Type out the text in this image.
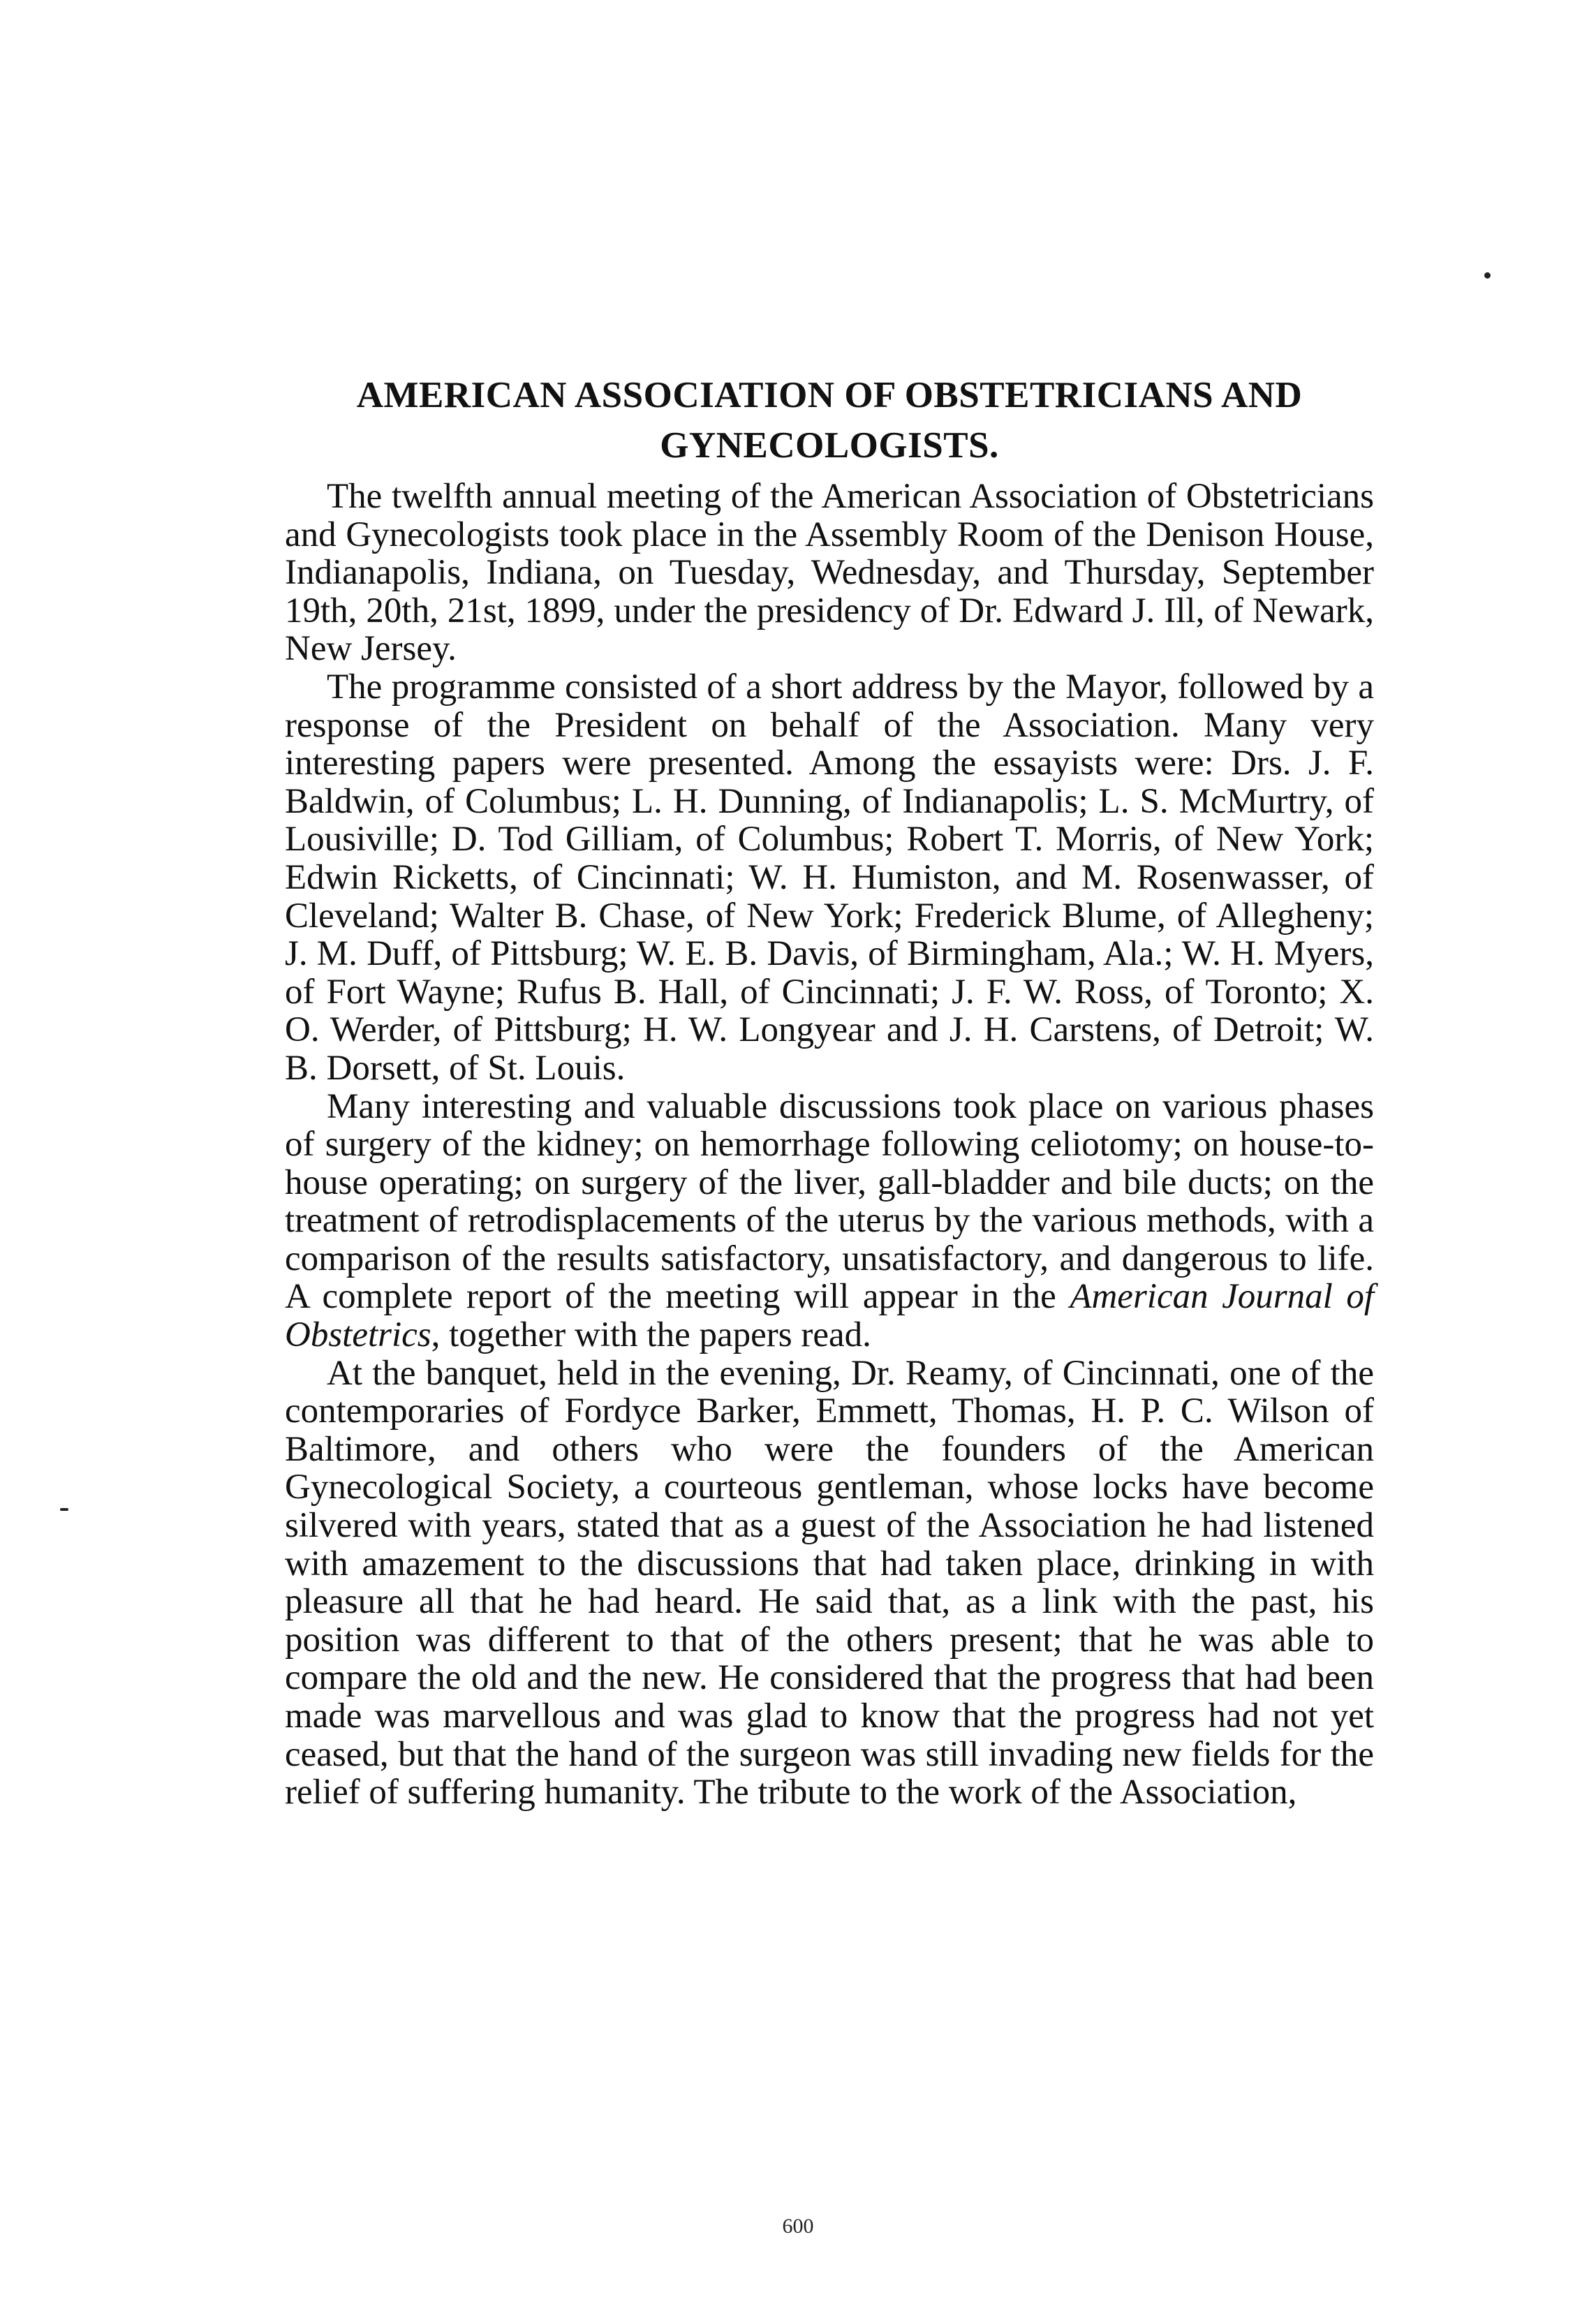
AMERICAN ASSOCIATION OF OBSTETRICIANS AND
GYNECOLOGISTS.

The twelfth annual meeting of the American Association of Obstetricians and Gynecologists took place in the Assembly Room of the Denison House, Indianapolis, Indiana, on Tuesday, Wednesday, and Thursday, September 19th, 20th, 21st, 1899, under the presidency of Dr. Edward J. Ill, of Newark, New Jersey.

The programme consisted of a short address by the Mayor, followed by a response of the President on behalf of the Association. Many very interesting papers were presented. Among the essayists were: Drs. J. F. Baldwin, of Columbus; L. H. Dunning, of Indianapolis; L. S. McMurtry, of Lousiville; D. Tod Gilliam, of Columbus; Robert T. Morris, of New York; Edwin Ricketts, of Cincinnati; W. H. Humiston, and M. Rosenwasser, of Cleveland; Walter B. Chase, of New York; Frederick Blume, of Allegheny; J. M. Duff, of Pittsburg; W. E. B. Davis, of Birmingham, Ala.; W. H. Myers, of Fort Wayne; Rufus B. Hall, of Cincinnati; J. F. W. Ross, of Toronto; X. O. Werder, of Pittsburg; H. W. Longyear and J. H. Carstens, of Detroit; W. B. Dorsett, of St. Louis.

Many interesting and valuable discussions took place on various phases of surgery of the kidney; on hemorrhage following celiotomy; on house-to-house operating; on surgery of the liver, gall-bladder and bile ducts; on the treatment of retrodisplacements of the uterus by the various methods, with a comparison of the results satisfactory, unsatisfactory, and dangerous to life. A complete report of the meeting will appear in the American Journal of Obstetrics, together with the papers read.

At the banquet, held in the evening, Dr. Reamy, of Cincinnati, one of the contemporaries of Fordyce Barker, Emmett, Thomas, H. P. C. Wilson of Baltimore, and others who were the founders of the American Gynecological Society, a courteous gentleman, whose locks have become silvered with years, stated that as a guest of the Association he had listened with amazement to the discussions that had taken place, drinking in with pleasure all that he had heard. He said that, as a link with the past, his position was different to that of the others present; that he was able to compare the old and the new. He considered that the progress that had been made was marvellous and was glad to know that the progress had not yet ceased, but that the hand of the surgeon was still invading new fields for the relief of suffering humanity. The tribute to the work of the Association,

600
